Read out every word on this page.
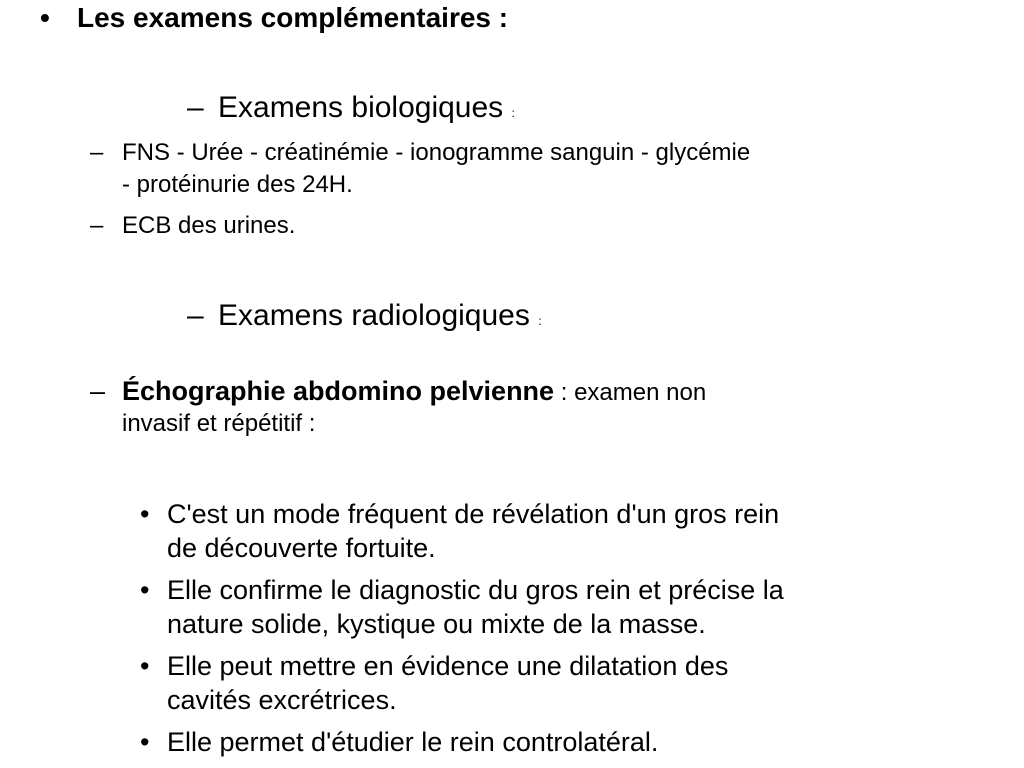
• Les examens complémentaires :
– Examens biologiques :
– FNS - Urée - créatinémie - ionogramme sanguin - glycémie
- protéinurie des 24H.
– ECB des urines.
– Examens radiologiques :
– Échographie abdomino pelvienne : examen non
invasif et répétitif :
• C'est un mode fréquent de révélation d'un gros rein
de découverte fortuite.
• Elle confirme le diagnostic du gros rein et précise la
nature solide, kystique ou mixte de la masse.
• Elle peut mettre en évidence une dilatation des
cavités excrétrices.
• Elle permet d'étudier le rein controlatéral.
